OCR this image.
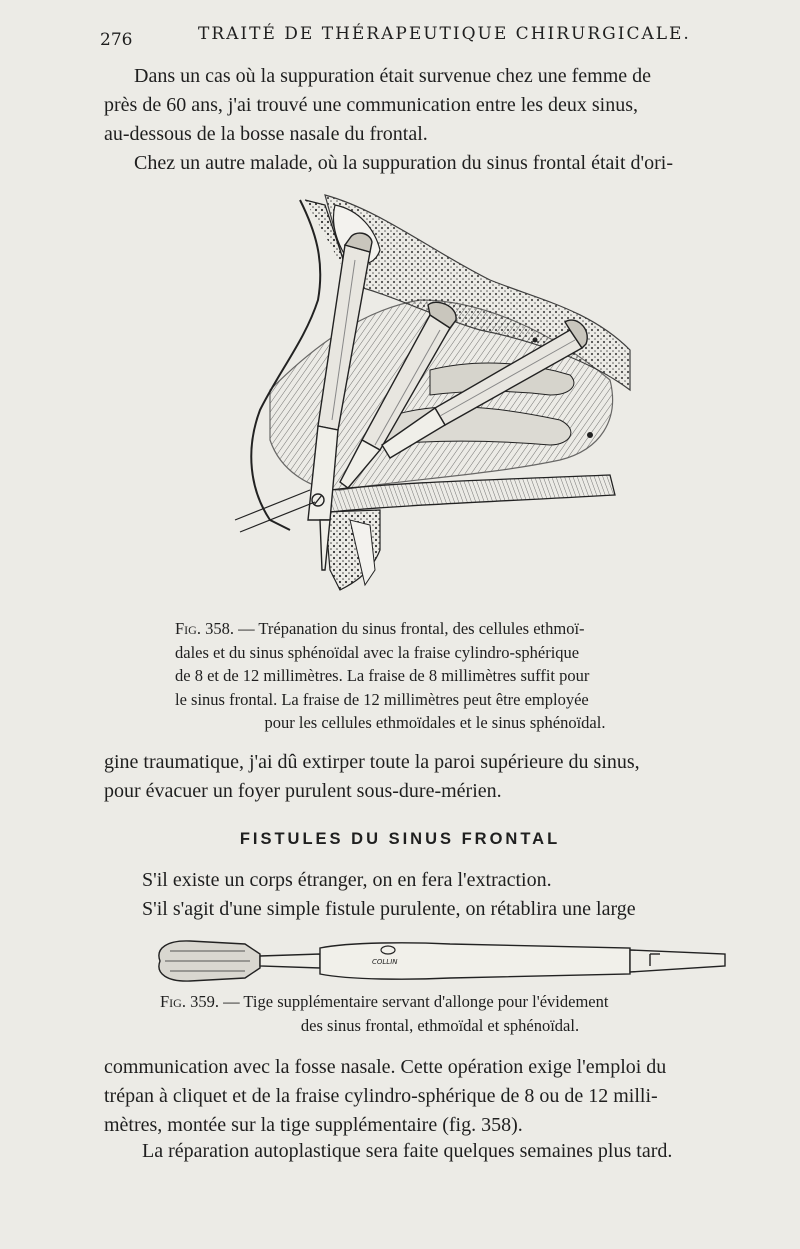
276	TRAITÉ DE THÉRAPEUTIQUE CHIRURGICALE.

Dans un cas où la suppuration était survenue chez une femme de
près de 60 ans, j'ai trouvé une communication entre les deux sinus,
au-dessous de la bosse nasale du frontal.

Chez un autre malade, où la suppuration du sinus frontal était d'ori-

Fig. 358. — Trépanation du sinus frontal, des cellules ethmoï-
dales et du sinus sphénoïdal avec la fraise cylindro-sphérique
de 8 et de 12 millimètres. La fraise de 8 millimètres suffit pour
le sinus frontal. La fraise de 12 millimètres peut être employée
pour les cellules ethmoïdales et le sinus sphénoïdal.

gine traumatique, j'ai dû extirper toute la paroi supérieure du sinus,
pour évacuer un foyer purulent sous-dure-mérien.

FISTULES DU SINUS FRONTAL

S'il existe un corps étranger, on en fera l'extraction.

S'il s'agit d'une simple fistule purulente, on rétablira une large

COLLIN
Fig. 359. — Tige supplémentaire servant d'allonge pour l'évidement
des sinus frontal, ethmoïdal et sphénoïdal.

communication avec la fosse nasale. Cette opération exige l'emploi du
trépan à cliquet et de la fraise cylindro-sphérique de 8 ou de 12 milli-
mètres, montée sur la tige supplémentaire (fig. 358).

La réparation autoplastique sera faite quelques semaines plus tard.
